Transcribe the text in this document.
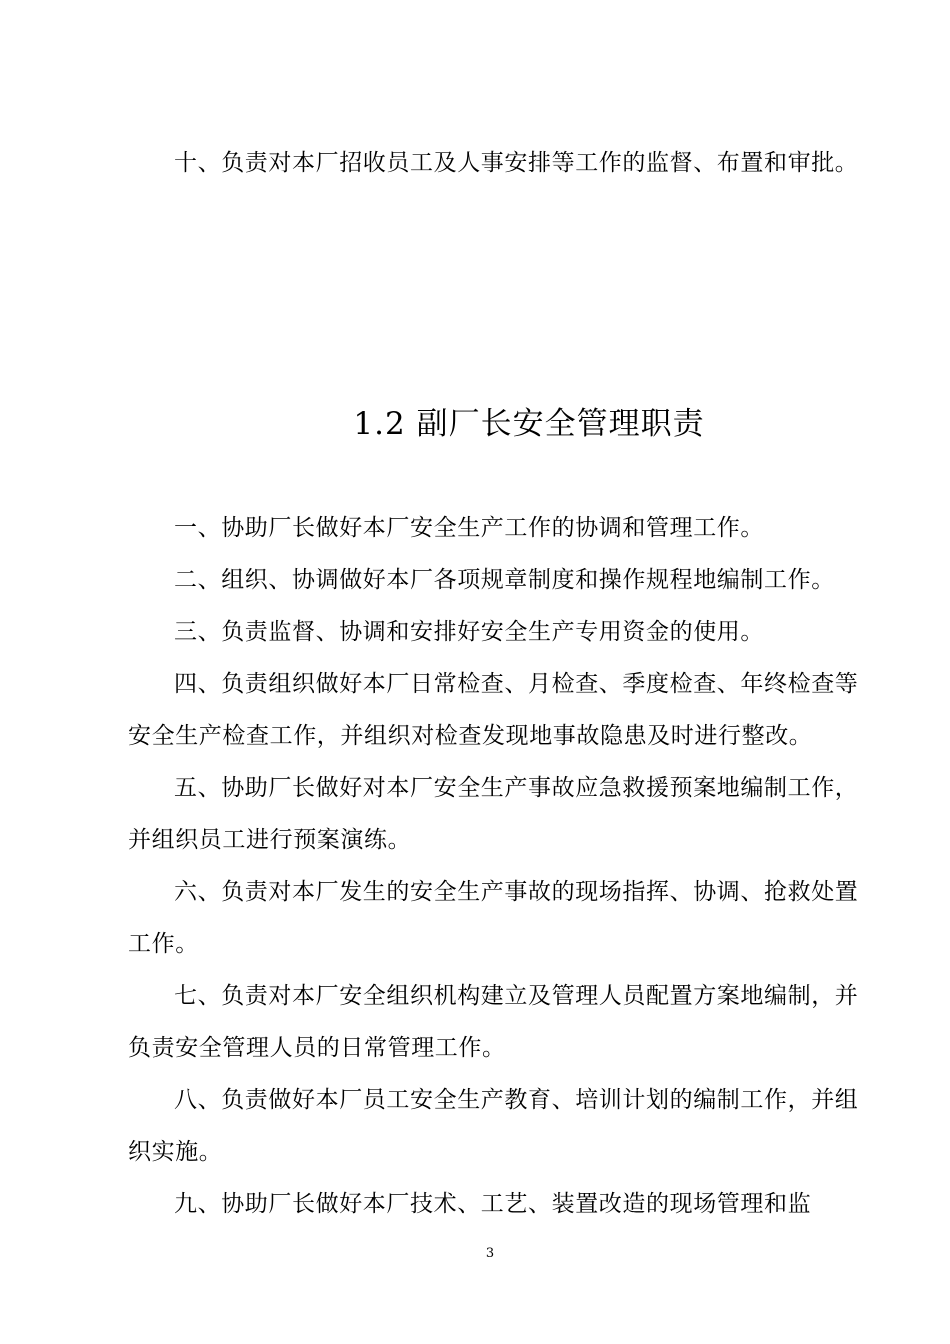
十、负责对本厂招收员工及人事安排等工作的监督、布置和审批。

1.2 副厂长安全管理职责

一、协助厂长做好本厂安全生产工作的协调和管理工作。

二、组织、协调做好本厂各项规章制度和操作规程地编制工作。

三、负责监督、协调和安排好安全生产专用资金的使用。

四、负责组织做好本厂日常检查、月检查、季度检查、年终检查等安全生产检查工作，并组织对检查发现地事故隐患及时进行整改。

五、协助厂长做好对本厂安全生产事故应急救援预案地编制工作，并组织员工进行预案演练。

六、负责对本厂发生的安全生产事故的现场指挥、协调、抢救处置工作。

七、负责对本厂安全组织机构建立及管理人员配置方案地编制，并负责安全管理人员的日常管理工作。

八、负责做好本厂员工安全生产教育、培训计划的编制工作，并组织实施。

九、协助厂长做好本厂技术、工艺、装置改造的现场管理和监

3
